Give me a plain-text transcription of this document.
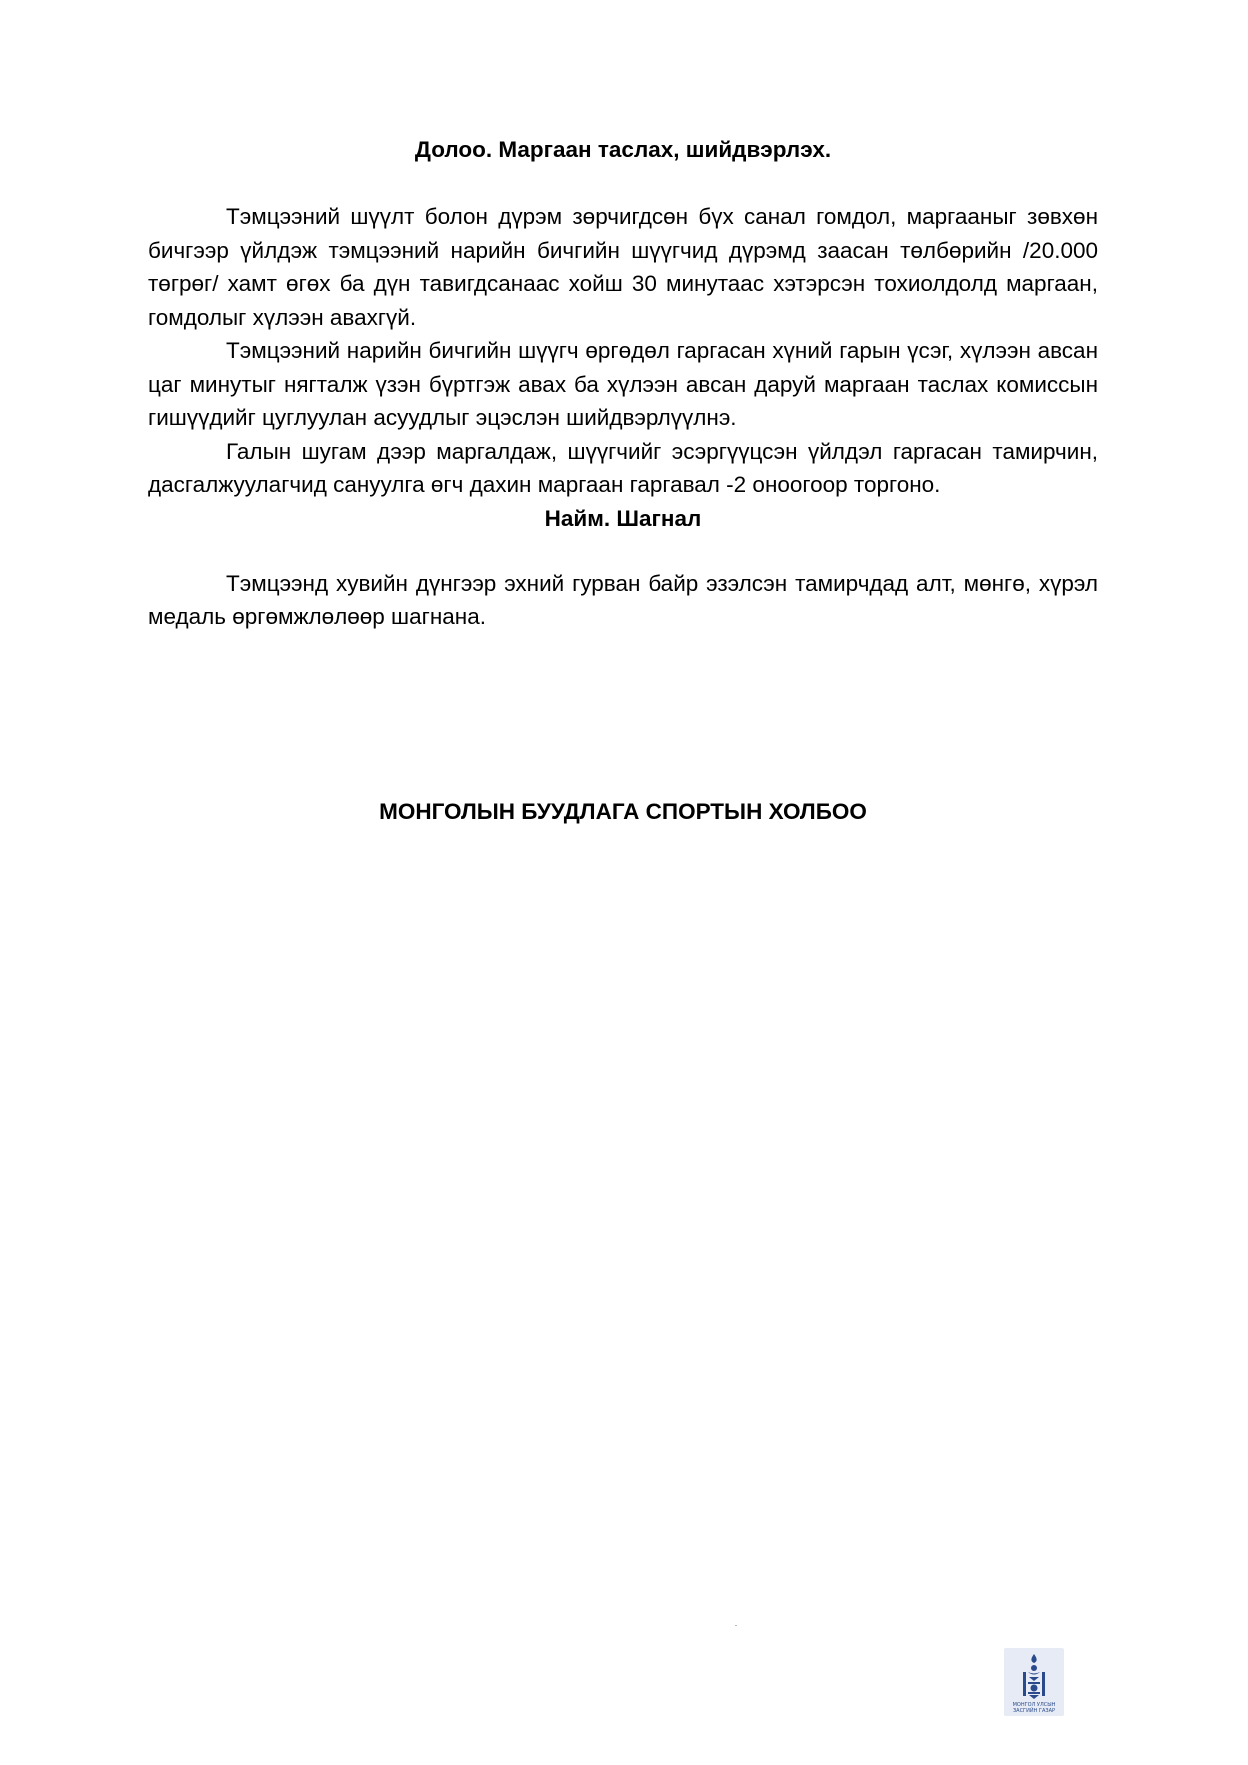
Долоо. Маргаан таслах, шийдвэрлэх.

Тэмцээний шүүлт болон дүрэм зөрчигдсөн бүх санал гомдол, маргааныг зөвхөн бичгээр үйлдэж тэмцээний нарийн бичгийн шүүгчид дүрэмд заасан төлбөрийн /20.000 төгрөг/ хамт өгөх ба дүн тавигдсанаас хойш 30 минутаас хэтэрсэн тохиолдолд маргаан, гомдолыг хүлээн авахгүй.

Тэмцээний нарийн бичгийн шүүгч өргөдөл гаргасан хүний гарын үсэг, хүлээн авсан цаг минутыг нягталж үзэн бүртгэж авах ба хүлээн авсан даруй маргаан таслах комиссын гишүүдийг цуглуулан асуудлыг эцэслэн шийдвэрлүүлнэ.

Галын шугам дээр маргалдаж, шүүгчийг эсэргүүцсэн үйлдэл гаргасан тамирчин, дасгалжуулагчид сануулга өгч дахин маргаан гаргавал -2 оноогоор торгоно.

Найм. Шагнал

Тэмцээнд хувийн дүнгээр эхний гурван байр эзэлсэн тамирчдад алт, мөнгө, хүрэл медаль өргөмжлөлөөр шагнана.

МОНГОЛЫН БУУДЛАГА СПОРТЫН ХОЛБОО

МОНГОЛ УЛСЫН
ЗАСГИЙН ГАЗАР
